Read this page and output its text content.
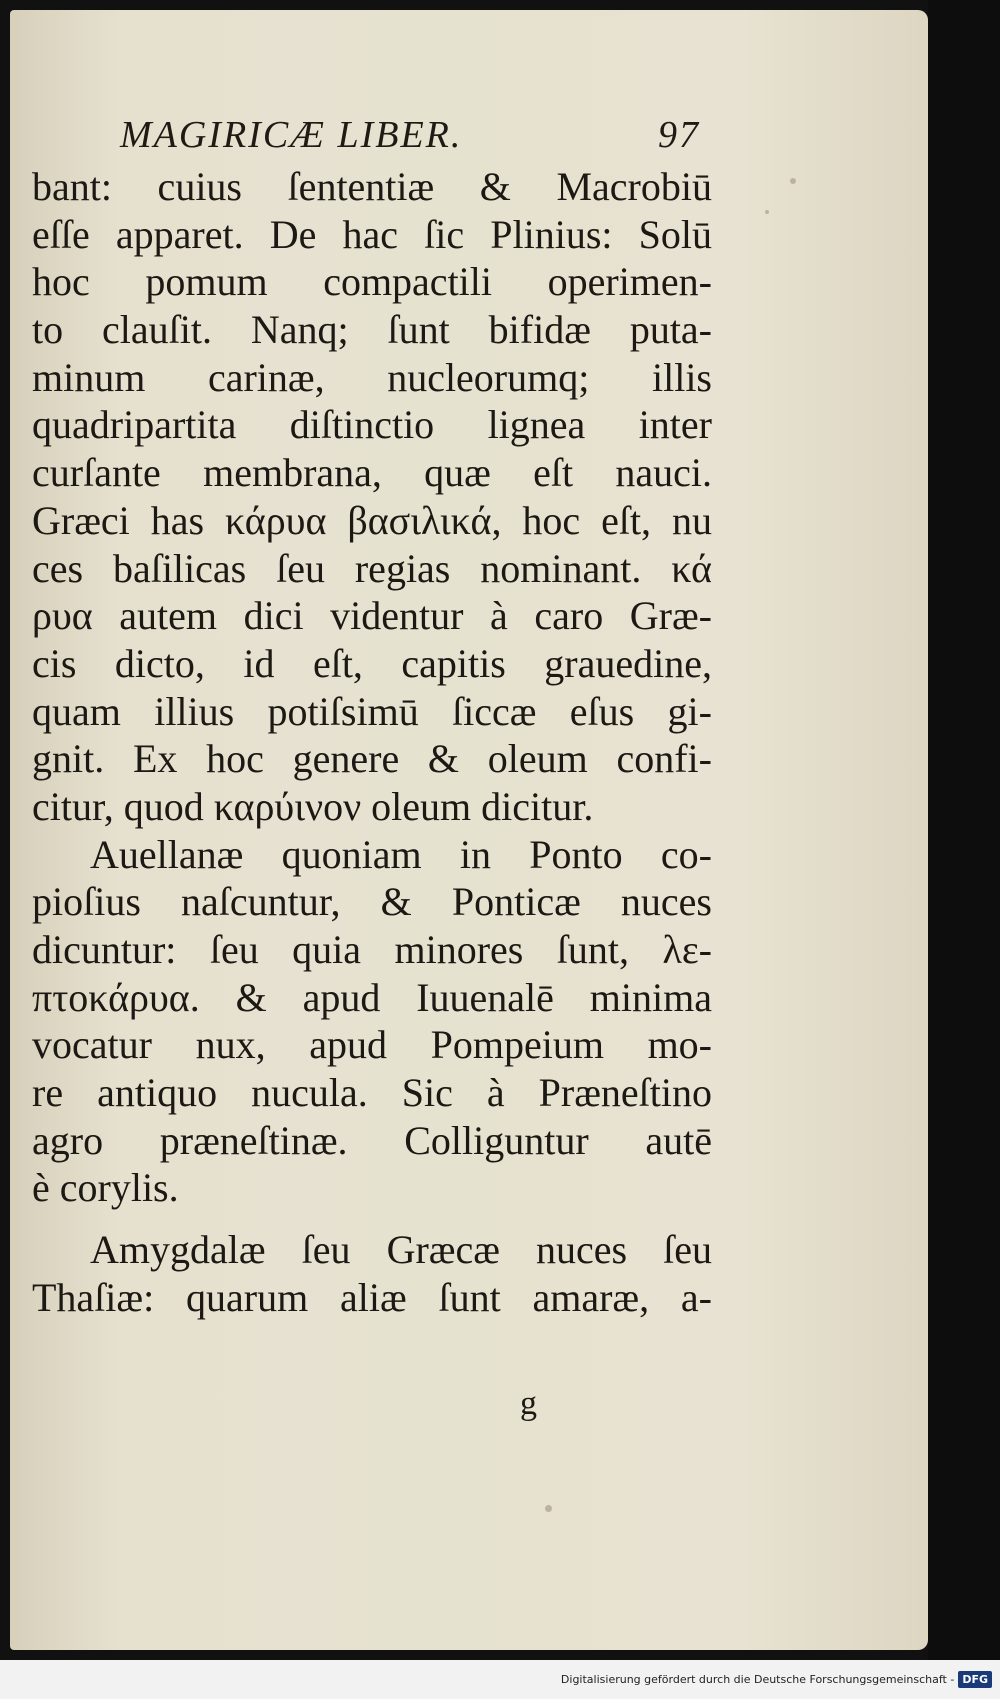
MAGIRICÆ LIBER.	97
bant: cuius ſententiæ & Macrobiū
eſſe apparet. De hac ſic Plinius: Solū
hoc pomum compactili operimen-
to clauſit. Nanq; ſunt bifidæ puta-
minum carinæ, nucleorumq; illis
quadripartita diſtinctio lignea inter
curſante membrana, quæ eſt nauci.
Græci has κάρυα βασιλικά, hoc eſt, nu
ces baſilicas ſeu regias nominant. κά
ρυα autem dici videntur à caro Græ-
cis dicto, id eſt, capitis grauedine,
quam illius potiſsimū ſiccæ eſus gi-
gnit. Ex hoc genere & oleum confi-
citur, quod καρύινον oleum dicitur.
Auellanæ quoniam in Ponto co-
pioſius naſcuntur, & Ponticæ nuces
dicuntur: ſeu quia minores ſunt, λε-
πτοκάρυα. & apud Iuuenalē minima
vocatur nux, apud Pompeium mo-
re antiquo nucula. Sic à Præneſtino
agro præneſtinæ. Colliguntur autē
è corylis.
Amygdalæ ſeu Græcæ nuces ſeu
Thaſiæ: quarum aliæ ſunt amaræ, a-
g
Digitalisierung gefördert durch die Deutsche Forschungsgemeinschaft - DFG
